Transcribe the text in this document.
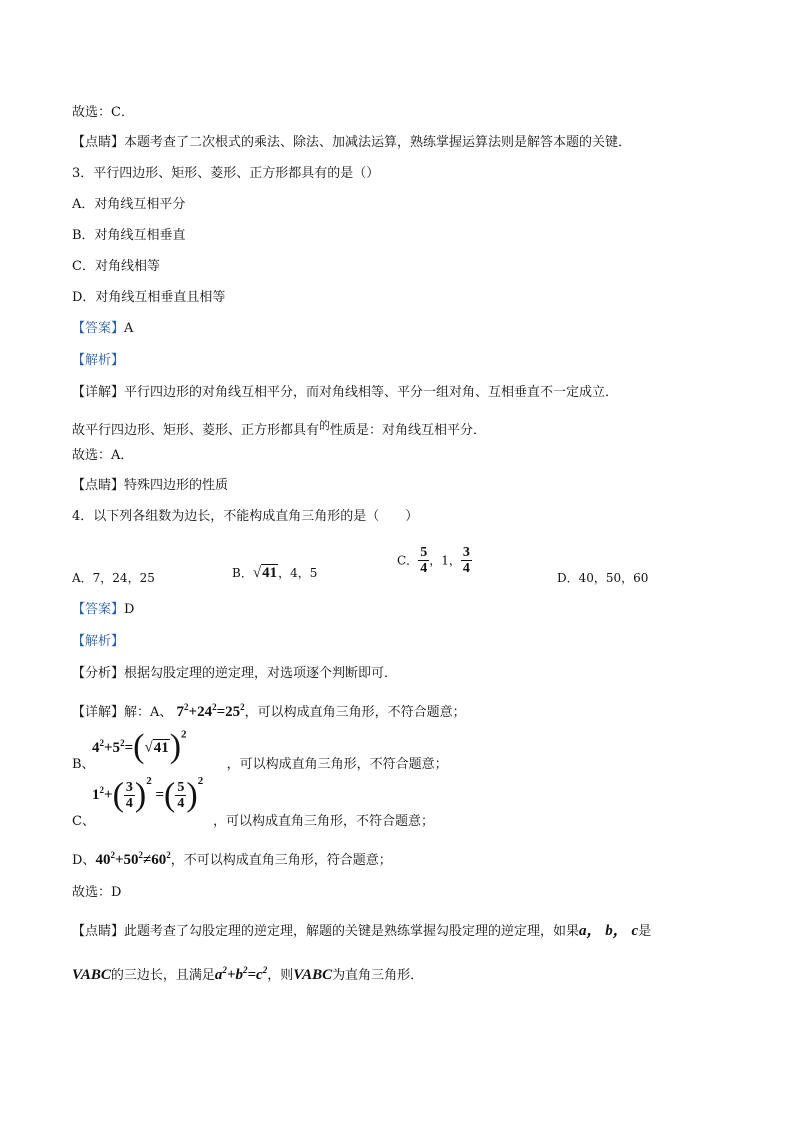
故选：C．
【点睛】本题考查了二次根式的乘法、除法、加减法运算，熟练掌握运算法则是解答本题的关键．
3．平行四边形、矩形、菱形、正方形都具有的是（）
A．对角线互相平分
B．对角线互相垂直
C．对角线相等
D．对角线互相垂直且相等
【答案】A
【解析】
【详解】平行四边形的对角线互相平分，而对角线相等、平分一组对角、互相垂直不一定成立．
故平行四边形、矩形、菱形、正方形都具有$^的$性质是：对角线互相平分．
故选：A．
【点睛】特殊四边形的性质
4．以下列各组数为边长，不能构成直角三角形的是（　　）
A．7，24，25	B．√41，4，5
C． $\frac{5}{4}$ ，1， $\frac{3}{4}$
D．40，50，60
【答案】D
【解析】
【分析】根据勾股定理的逆定理，对选项逐个判断即可．
【详解】解：A、 $7^2+24^2=25^2$，可以构成直角三角形，不符合题意；
$4^2+5^2=(√41)^2$
B、	，可以构成直角三角形，不符合题意；
$1^2+( \frac{3}{4} )^2$ =( $\frac{5}{4} )^2$
C、	，可以构成直角三角形，不符合题意；
D、$40^2+50^2\ne 60^2$，不可以构成直角三角形，符合题意；
故选：D
【点睛】此题考查了勾股定理的逆定理，解题的关键是熟练掌握勾股定理的逆定理，如果a， b， c是
VABC的三边长，且满足$a^2+b^2=c^2$，则VABC为直角三角形．
